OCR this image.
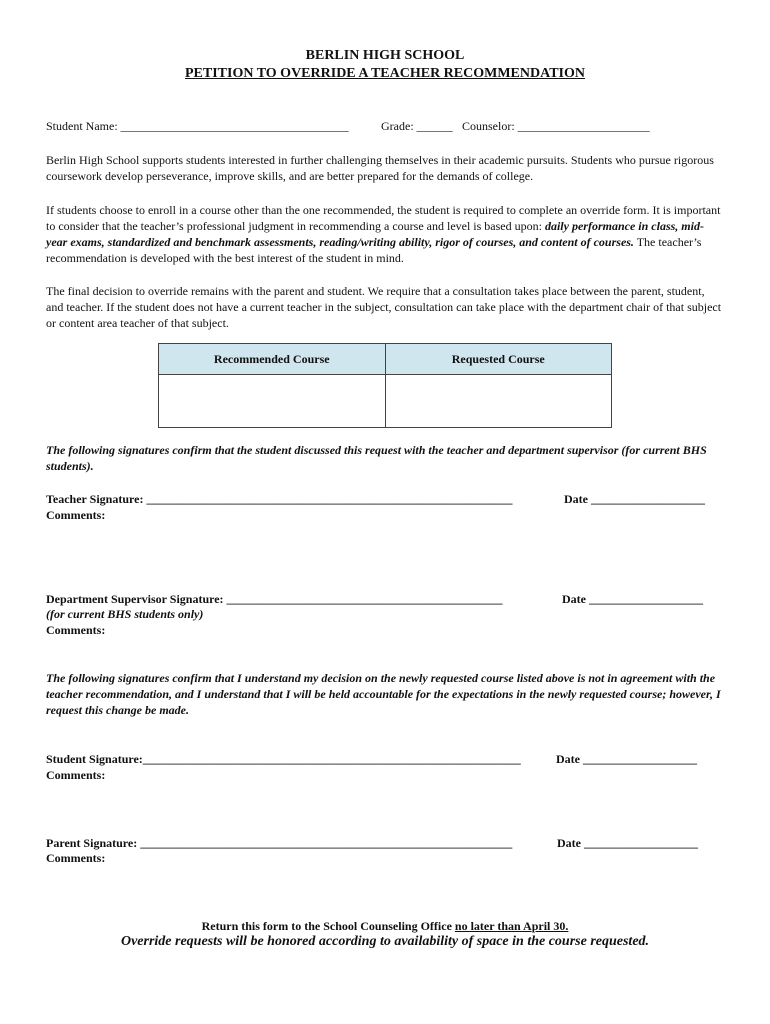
BERLIN HIGH SCHOOL
PETITION TO OVERRIDE A TEACHER RECOMMENDATION
Student Name: ______________________________________	Grade: ______ Counselor: ______________________
Berlin High School supports students interested in further challenging themselves in their academic pursuits. Students who pursue rigorous coursework develop perseverance, improve skills, and are better prepared for the demands of college.
If students choose to enroll in a course other than the one recommended, the student is required to complete an override form. It is important to consider that the teacher’s professional judgment in recommending a course and level is based upon: daily performance in class, mid-year exams, standardized and benchmark assessments, reading/writing ability, rigor of courses, and content of courses. The teacher’s recommendation is developed with the best interest of the student in mind.
The final decision to override remains with the parent and student. We require that a consultation takes place between the parent, student, and teacher. If the student does not have a current teacher in the subject, consultation can take place with the department chair of that subject or content area teacher of that subject.
Recommended Course	Requested Course

The following signatures confirm that the student discussed this request with the teacher and department supervisor (for current BHS students).
Teacher Signature: _____________________________________________________________	Date ___________________
Comments:
Department Supervisor Signature: ______________________________________________	Date ___________________
(for current BHS students only)
Comments:
The following signatures confirm that I understand my decision on the newly requested course listed above is not in agreement with the teacher recommendation, and I understand that I will be held accountable for the expectations in the newly requested course; however, I request this change be made.
Student Signature:_______________________________________________________________	Date ___________________
Comments:
Parent Signature: ______________________________________________________________	Date ___________________
Comments:
Return this form to the School Counseling Office no later than April 30.
Override requests will be honored according to availability of space in the course requested.
